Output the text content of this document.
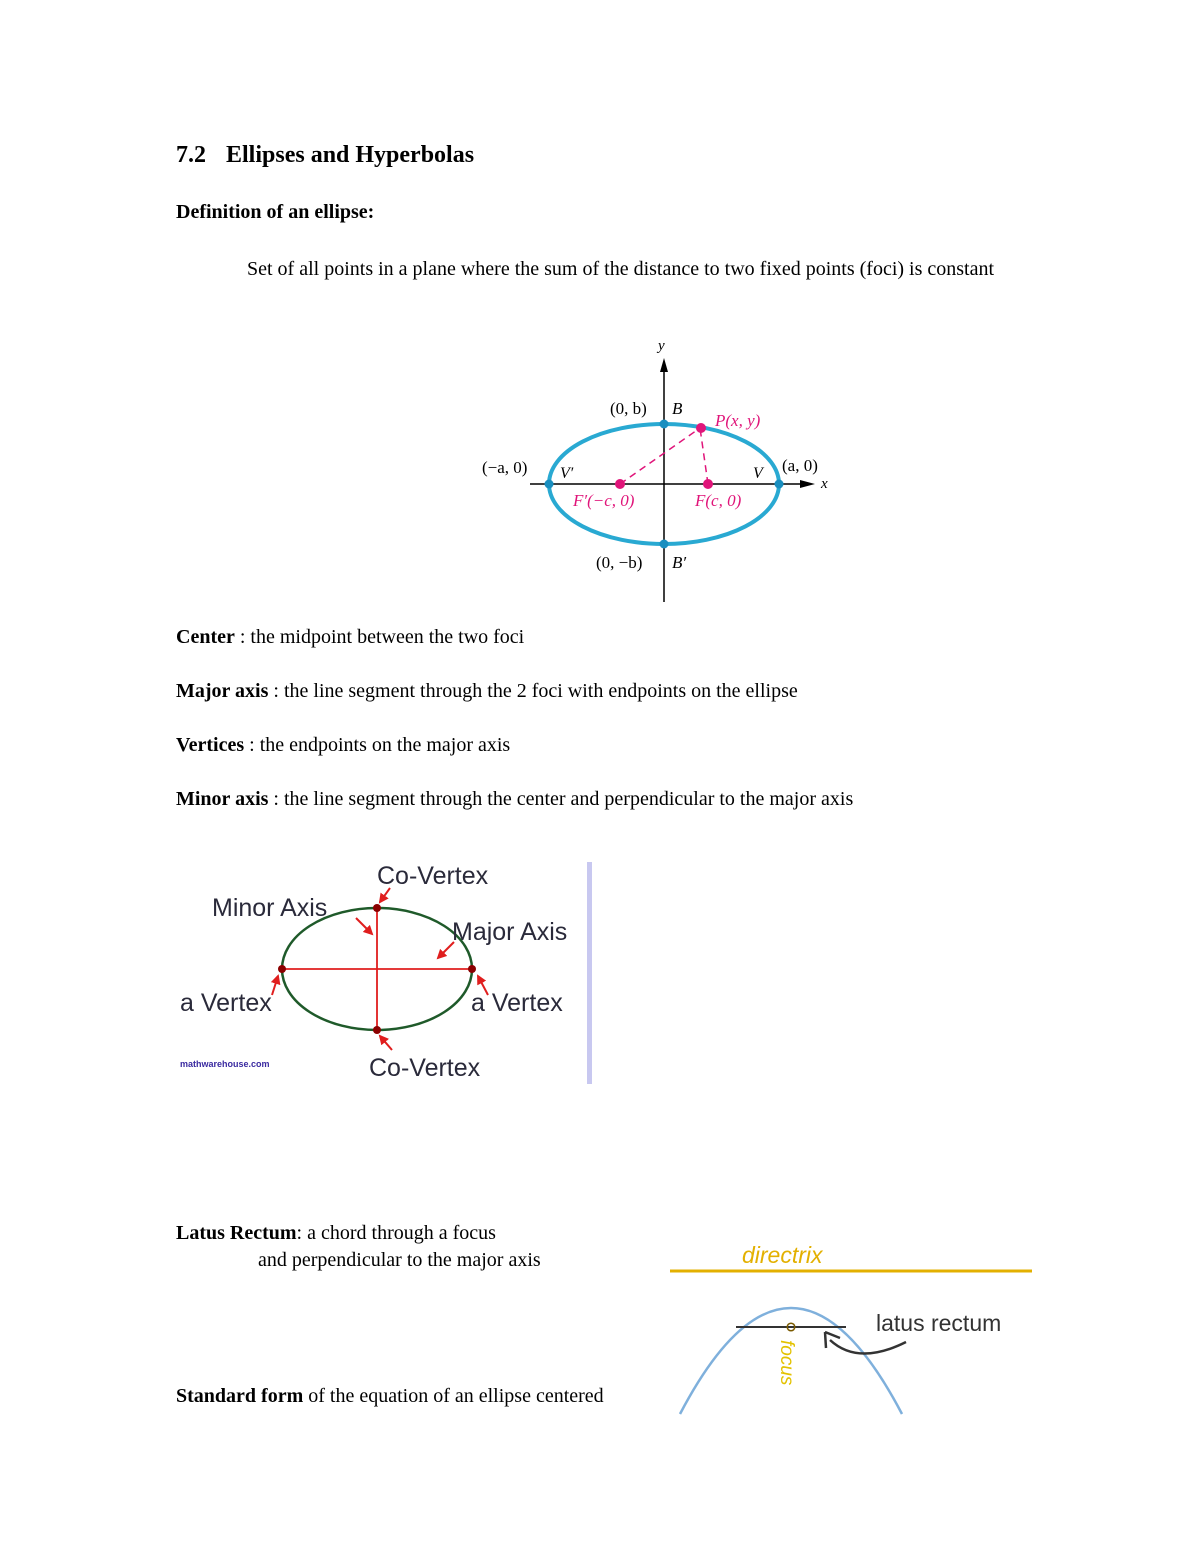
7.2 Ellipses and Hyperbolas
Definition of an ellipse:
Set of all points in a plane where the sum of the distance to two fixed points (foci) is constant
y
x
(0, b) B
P(x, y)
(−a, 0) V′	V (a, 0)
F′(−c, 0)	F(c, 0)
(0, −b) B′
Center : the midpoint between the two foci
Major axis : the line segment through the 2 foci with endpoints on the ellipse
Vertices : the endpoints on the major axis
Minor axis : the line segment through the center and perpendicular to the major axis
Co-Vertex
Minor Axis
Major Axis
a Vertex	a Vertex
Co-Vertex
mathwarehouse.com
Latus Rectum: a chord through a focus
and perpendicular to the major axis	directrix
latus rectum
focus
Standard form of the equation of an ellipse centered
